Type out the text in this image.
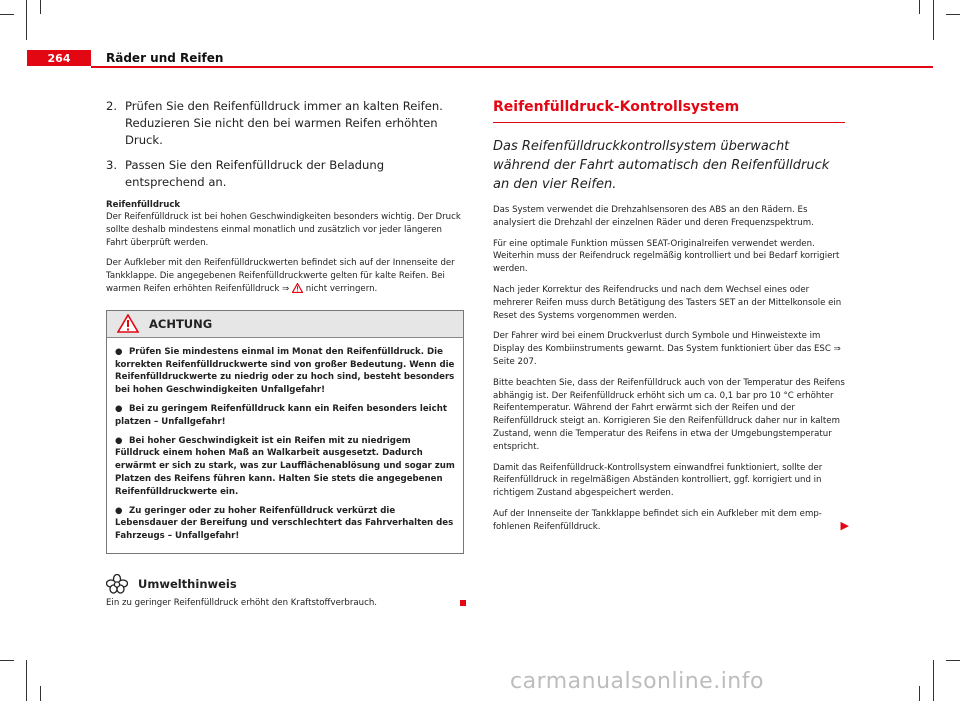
264	Räder und Reifen
2. Prüfen Sie den Reifenfülldruck immer an kalten Reifen. Reduzieren Sie nicht den bei warmen Reifen erhöhten Druck.
3. Passen Sie den Reifenfülldruck der Beladung entsprechend an.
Reifenfülldruck

Der Reifenfülldruck ist bei hohen Geschwindigkeiten besonders wichtig. Der Druck sollte deshalb mindestens einmal monatlich und zusätzlich vor jeder längeren Fahrt überprüft werden.

Der Aufkleber mit den Reifenfülldruckwerten befindet sich auf der Innenseite der Tankklappe. Die angegebenen Reifenfülldruckwerte gelten für kalte Reifen. Bei warmen Reifen erhöhten Reifenfülldruck ⇒ nicht verringern.

ACHTUNG
● Prüfen Sie mindestens einmal im Monat den Reifenfülldruck. Die korrekten Reifenfülldruckwerte sind von großer Bedeutung. Wenn die Reifenfülldruckwerte zu niedrig oder zu hoch sind, besteht besonders bei hohen Geschwindigkeiten Unfallgefahr!
● Bei zu geringem Reifenfülldruck kann ein Reifen besonders leicht platzen – Unfallgefahr!
● Bei hoher Geschwindigkeit ist ein Reifen mit zu niedrigem Fülldruck einem hohen Maß an Walkarbeit ausgesetzt. Dadurch erwärmt er sich zu stark, was zur Laufflächenablösung und sogar zum Platzen des Reifens führen kann. Halten Sie stets die angegebenen Reifenfülldruckwerte ein.
● Zu geringer oder zu hoher Reifenfülldruck verkürzt die Lebensdauer der Bereifung und verschlechtert das Fahrverhalten des Fahrzeugs – Unfallgefahr!
Umwelthinweis
Ein zu geringer Reifenfülldruck erhöht den Kraftstoffverbrauch.
Reifenfülldruck-Kontrollsystem
Das Reifenfülldruckkontrollsystem überwacht während der Fahrt automatisch den Reifenfülldruck an den vier Reifen.

Das System verwendet die Drehzahlsensoren des ABS an den Rädern. Es analysiert die Drehzahl der einzelnen Räder und deren Frequenzspektrum.

Für eine optimale Funktion müssen SEAT-Originalreifen verwendet werden. Weiterhin muss der Reifendruck regelmäßig kontrolliert und bei Bedarf korrigiert werden.

Nach jeder Korrektur des Reifendrucks und nach dem Wechsel eines oder mehrerer Reifen muss durch Betätigung des Tasters SET an der Mittelkonsole ein Reset des Systems vorgenommen werden.

Der Fahrer wird bei einem Druckverlust durch Symbole und Hinweistexte im Display des Kombiinstruments gewarnt. Das System funktioniert über das ESC ⇒ Seite 207.

Bitte beachten Sie, dass der Reifenfülldruck auch von der Temperatur des Reifens abhängig ist. Der Reifenfülldruck erhöht sich um ca. 0,1 bar pro 10 °C erhöhter Reifentemperatur. Während der Fahrt erwärmt sich der Reifen und der Reifenfülldruck steigt an. Korrigieren Sie den Reifenfülldruck daher nur in kaltem Zustand, wenn die Temperatur des Reifens in etwa der Umgebungstemperatur entspricht.

Damit das Reifenfülldruck-Kontrollsystem einwandfrei funktioniert, sollte der Reifenfülldruck in regelmäßigen Abständen kontrolliert, ggf. korrigiert und in richtigem Zustand abgespeichert werden.

Auf der Innenseite der Tankklappe befindet sich ein Aufkleber mit dem empfohlenen Reifenfülldruck.	▶
carmanualsonline.info
